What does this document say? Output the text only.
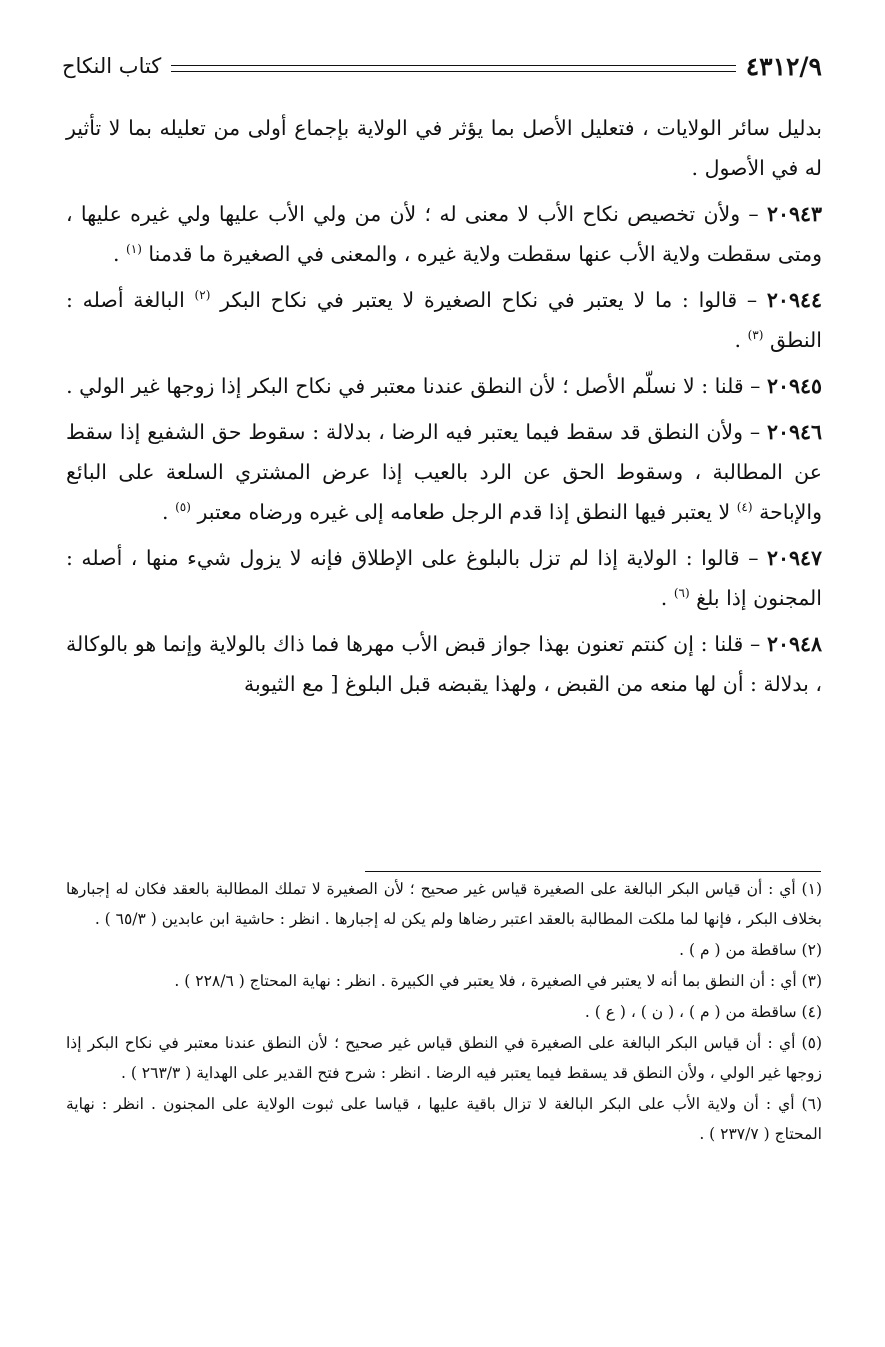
٤٣١٢/٩
كتاب النكاح

بدليل سائر الولايات ، فتعليل الأصل بما يؤثر في الولاية بإجماع أولى من تعليله بما لا تأثير له في الأصول .

٢٠٩٤٣ – ولأن تخصيص نكاح الأب لا معنى له ؛ لأن من ولي الأب عليها ولي غيره عليها ، ومتى سقطت ولاية الأب عنها سقطت ولاية غيره ، والمعنى في الصغيرة ما قدمنا $^{(١)}$ .

٢٠٩٤٤ – قالوا : ما لا يعتبر في نكاح الصغيرة لا يعتبر في نكاح البكر $^{(٢)}$ البالغة أصله : النطق $^{(٣)}$ .

٢٠٩٤٥ – قلنا : لا نسلّم الأصل ؛ لأن النطق عندنا معتبر في نكاح البكر إذا زوجها غير الولي .

٢٠٩٤٦ – ولأن النطق قد سقط فيما يعتبر فيه الرضا ، بدلالة : سقوط حق الشفيع إذا سقط عن المطالبة ، وسقوط الحق عن الرد بالعيب إذا عرض المشتري السلعة على البائع والإباحة $^{(٤)}$ لا يعتبر فيها النطق إذا قدم الرجل طعامه إلى غيره ورضاه معتبر $^{(٥)}$ .

٢٠٩٤٧ – قالوا : الولاية إذا لم تزل بالبلوغ على الإطلاق فإنه لا يزول شيء منها ، أصله : المجنون إذا بلغ $^{(٦)}$ .

٢٠٩٤٨ – قلنا : إن كنتم تعنون بهذا جواز قبض الأب مهرها فما ذاك بالولاية وإنما هو بالوكالة ، بدلالة : أن لها منعه من القبض ، ولهذا يقبضه قبل البلوغ [ مع الثيوبة

(١) أي : أن قياس البكر البالغة على الصغيرة قياس غير صحيح ؛ لأن الصغيرة لا تملك المطالبة بالعقد فكان له إجبارها بخلاف البكر ، فإنها لما ملكت المطالبة بالعقد اعتبر رضاها ولم يكن له إجبارها . انظر : حاشية ابن عابدين ( ٦٥/٣ ) .

(٢) ساقطة من ( م ) .

(٣) أي : أن النطق بما أنه لا يعتبر في الصغيرة ، فلا يعتبر في الكبيرة . انظر : نهاية المحتاج ( ٢٢٨/٦ ) .

(٤) ساقطة من ( م ) ، ( ن ) ، ( ع ) .

(٥) أي : أن قياس البكر البالغة على الصغيرة في النطق قياس غير صحيح ؛ لأن النطق عندنا معتبر في نكاح البكر إذا زوجها غير الولي ، ولأن النطق قد يسقط فيما يعتبر فيه الرضا . انظر : شرح فتح القدير على الهداية ( ٢٦٣/٣ ) .

(٦) أي : أن ولاية الأب على البكر البالغة لا تزال باقية عليها ، قياسا على ثبوت الولاية على المجنون . انظر : نهاية المحتاج ( ٢٣٧/٧ ) .
